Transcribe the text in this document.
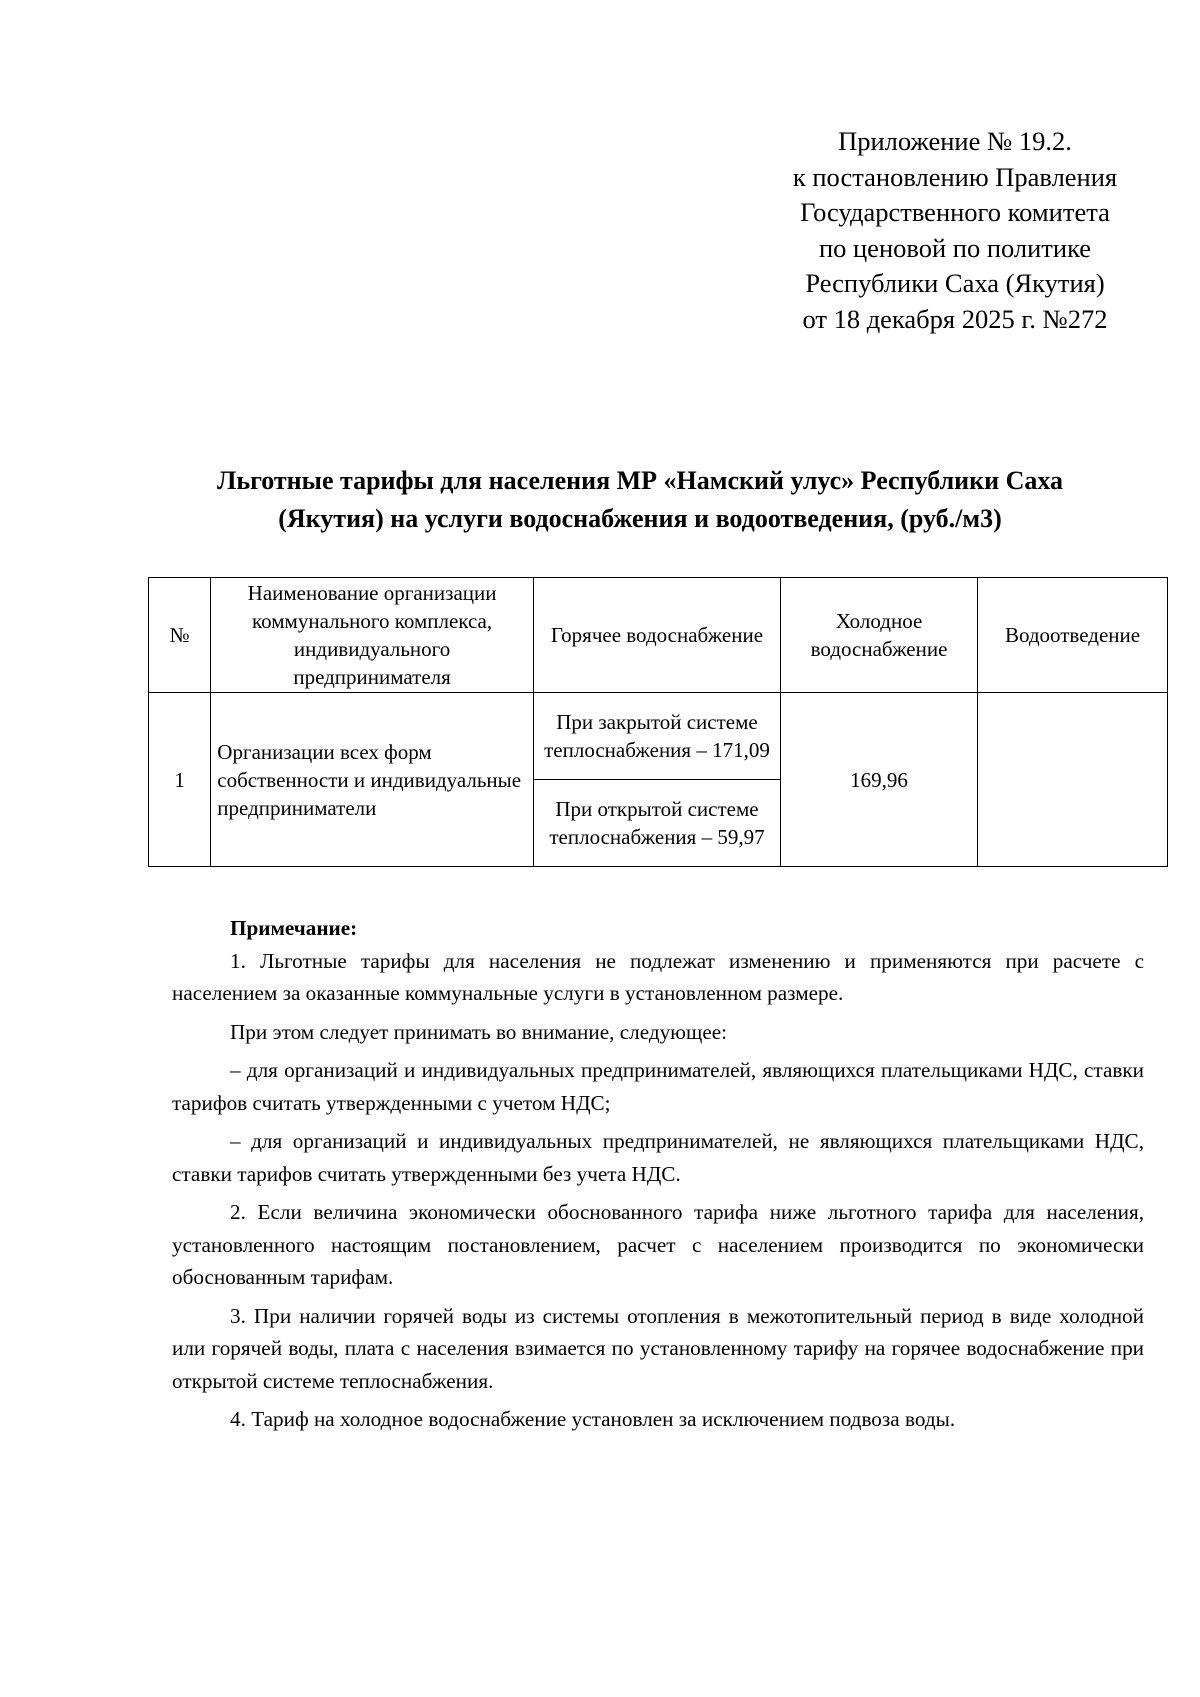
Приложение № 19.2.
к постановлению Правления
Государственного комитета
по ценовой по политике
Республики Саха (Якутия)
от 18 декабря 2025 г. №272
Льготные тарифы для населения МР «Намский улус» Республики Саха
(Якутия) на услуги водоснабжения и водоотведения, (руб./м3)
№	Наименование организации коммунального комплекса, индивидуального предпринимателя	Горячее водоснабжение	Холодное водоснабжение	Водоотведение
1	Организации всех форм собственности и индивидуальные предприниматели	При закрытой системе теплоснабжения – 171,09	169,96	
		При открытой системе теплоснабжения – 59,97		
Примечание:

1. Льготные тарифы для населения не подлежат изменению и применяются при расчете с населением за оказанные коммунальные услуги в установленном размере.

При этом следует принимать во внимание, следующее:

– для организаций и индивидуальных предпринимателей, являющихся плательщиками НДС, ставки тарифов считать утвержденными с учетом НДС;

– для организаций и индивидуальных предпринимателей, не являющихся плательщиками НДС, ставки тарифов считать утвержденными без учета НДС.

2. Если величина экономически обоснованного тарифа ниже льготного тарифа для населения, установленного настоящим постановлением, расчет с населением производится по экономически обоснованным тарифам.

3. При наличии горячей воды из системы отопления в межотопительный период в виде холодной или горячей воды, плата с населения взимается по установленному тарифу на горячее водоснабжение при открытой системе теплоснабжения.

4. Тариф на холодное водоснабжение установлен за исключением подвоза воды.
